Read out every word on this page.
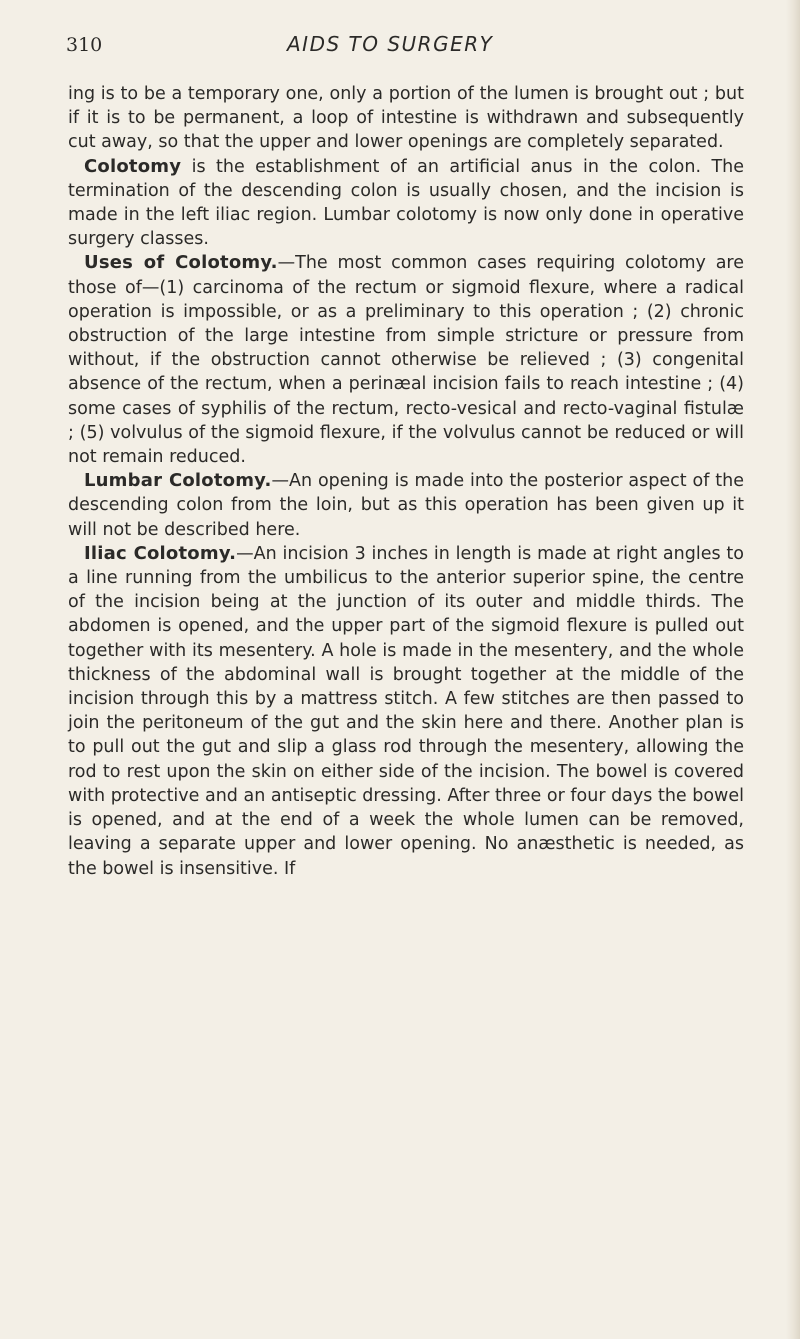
310	AIDS TO SURGERY

ing is to be a temporary one, only a portion of the lumen is brought out ; but if it is to be permanent, a loop of intestine is withdrawn and subsequently cut away, so that the upper and lower openings are completely separated.

Colotomy is the establishment of an artificial anus in the colon. The termination of the descending colon is usually chosen, and the incision is made in the left iliac region. Lumbar colotomy is now only done in operative surgery classes.

Uses of Colotomy.—The most common cases requiring colotomy are those of—(1) carcinoma of the rectum or sigmoid flexure, where a radical operation is impossible, or as a preliminary to this operation ; (2) chronic obstruction of the large intestine from simple stricture or pressure from without, if the obstruction cannot otherwise be relieved ; (3) congenital absence of the rectum, when a perinæal incision fails to reach intestine ; (4) some cases of syphilis of the rectum, recto-vesical and recto-vaginal fistulæ ; (5) volvulus of the sigmoid flexure, if the volvulus cannot be reduced or will not remain reduced.

Lumbar Colotomy.—An opening is made into the posterior aspect of the descending colon from the loin, but as this operation has been given up it will not be described here.

Iliac Colotomy.—An incision 3 inches in length is made at right angles to a line running from the umbilicus to the anterior superior spine, the centre of the incision being at the junction of its outer and middle thirds. The abdomen is opened, and the upper part of the sigmoid flexure is pulled out together with its mesentery. A hole is made in the mesentery, and the whole thickness of the abdominal wall is brought together at the middle of the incision through this by a mattress stitch. A few stitches are then passed to join the peritoneum of the gut and the skin here and there. Another plan is to pull out the gut and slip a glass rod through the mesentery, allowing the rod to rest upon the skin on either side of the incision. The bowel is covered with protective and an antiseptic dressing. After three or four days the bowel is opened, and at the end of a week the whole lumen can be removed, leaving a separate upper and lower opening. No anæsthetic is needed, as the bowel is insensitive. If
